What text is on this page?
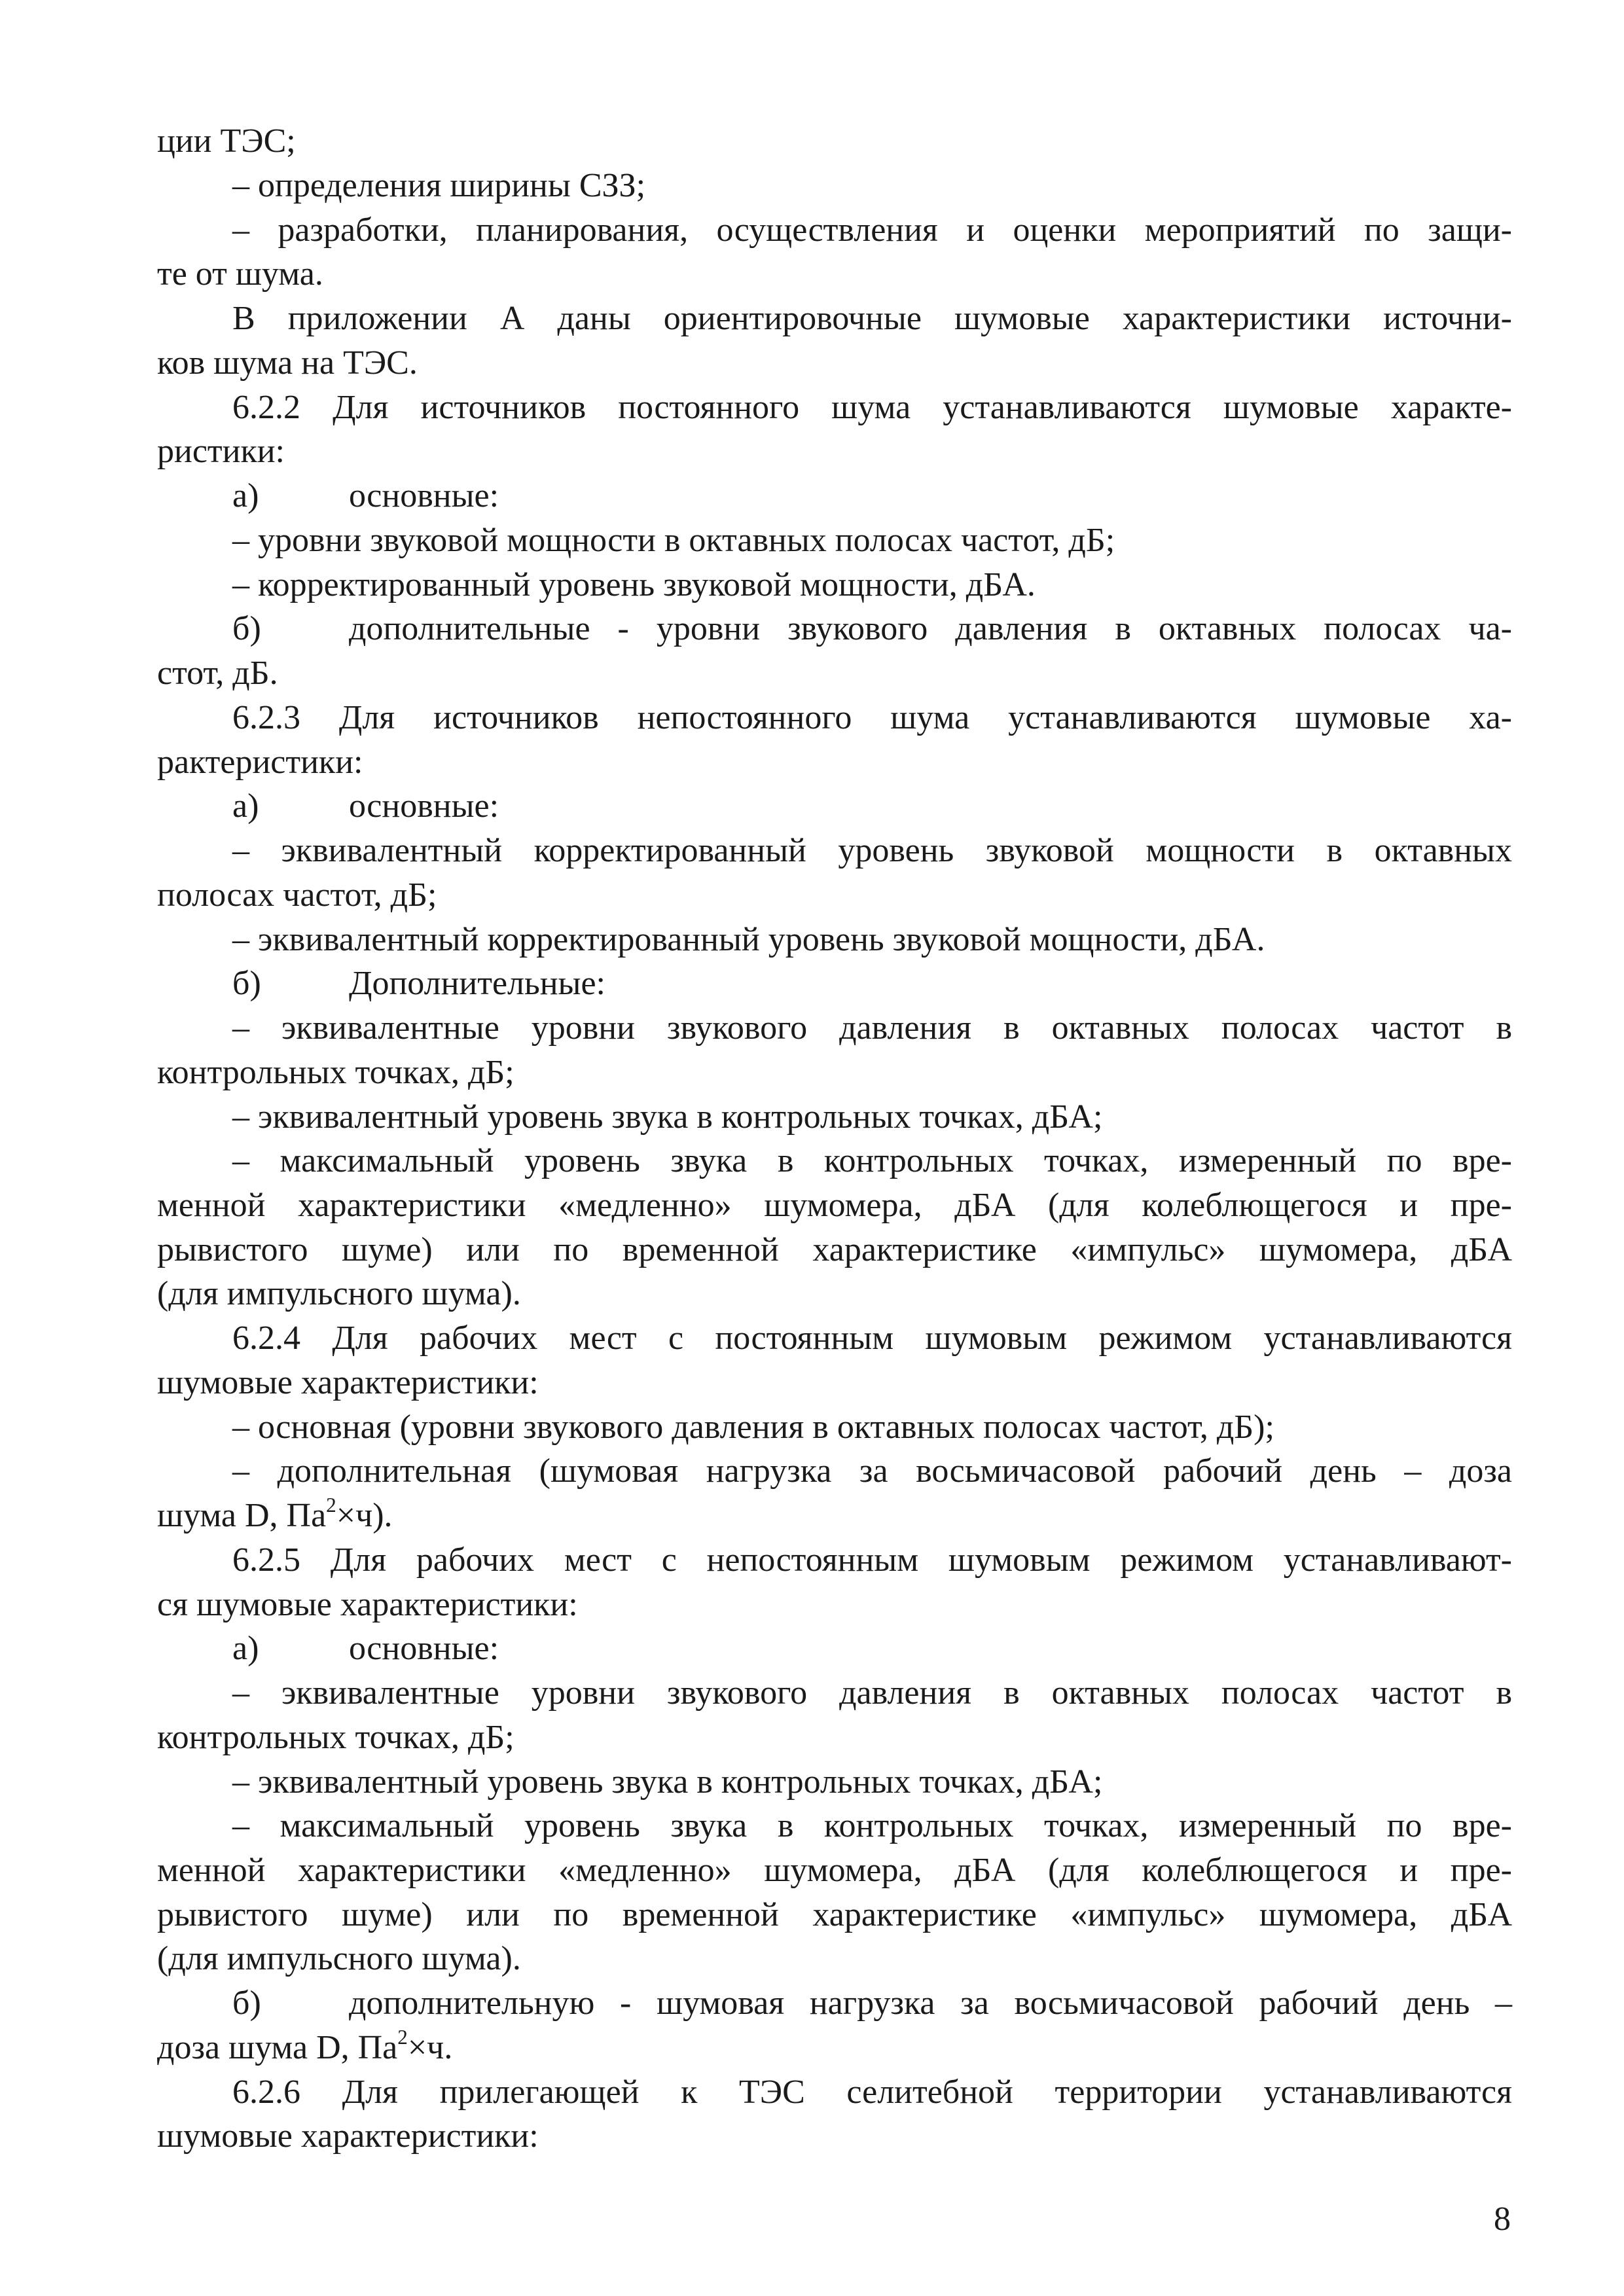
ции ТЭС;
– определения ширины СЗЗ;
– разработки, планирования, осуществления и оценки мероприятий по защи-
те от шума.
В приложении А даны ориентировочные шумовые характеристики источни-
ков шума на ТЭС.
6.2.2 Для источников постоянного шума устанавливаются шумовые характе-
ристики:
а)	основные:
– уровни звуковой мощности в октавных полосах частот, дБ;
– корректированный уровень звуковой мощности, дБА.
б)	дополнительные - уровни звукового давления в октавных полосах ча-
стот, дБ.
6.2.3 Для источников непостоянного шума устанавливаются шумовые ха-
рактеристики:
а)	основные:
– эквивалентный корректированный уровень звуковой мощности в октавных
полосах частот, дБ;
– эквивалентный корректированный уровень звуковой мощности, дБА.
б)	Дополнительные:
– эквивалентные уровни звукового давления в октавных полосах частот в
контрольных точках, дБ;
– эквивалентный уровень звука в контрольных точках, дБА;
– максимальный уровень звука в контрольных точках, измеренный по вре-
менной характеристики «медленно» шумомера, дБА (для колеблющегося и пре-
рывистого шуме) или по временной характеристике «импульс» шумомера, дБА
(для импульсного шума).
6.2.4 Для рабочих мест с постоянным шумовым режимом устанавливаются
шумовые характеристики:
– основная (уровни звукового давления в октавных полосах частот, дБ);
– дополнительная (шумовая нагрузка за восьмичасовой рабочий день – доза
шума D, $Па^2\times ч$).
6.2.5 Для рабочих мест с непостоянным шумовым режимом устанавливают-
ся шумовые характеристики:
а)	основные:
– эквивалентные уровни звукового давления в октавных полосах частот в
контрольных точках, дБ;
– эквивалентный уровень звука в контрольных точках, дБА;
– максимальный уровень звука в контрольных точках, измеренный по вре-
менной характеристики «медленно» шумомера, дБА (для колеблющегося и пре-
рывистого шуме) или по временной характеристике «импульс» шумомера, дБА
(для импульсного шума).
б)	дополнительную - шумовая нагрузка за восьмичасовой рабочий день –
доза шума D, $Па^2\times ч$.
6.2.6 Для прилегающей к ТЭС селитебной территории устанавливаются
шумовые характеристики:
8
